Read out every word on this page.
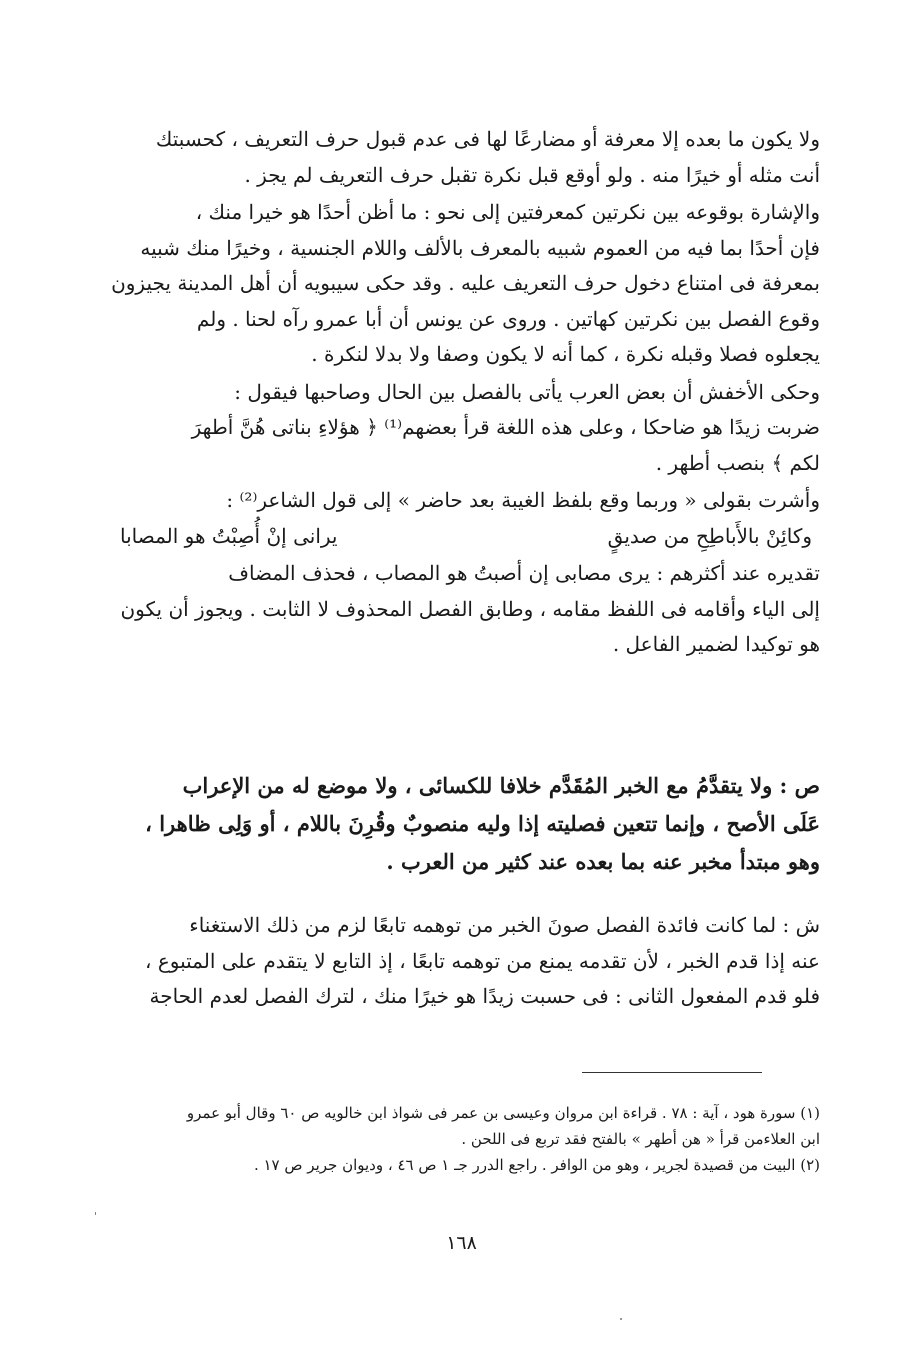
ولا يكون ما بعده إلا معرفة أو مضارعًا لها فى عدم قبول حرف التعريف ، كحسبتك
أنت مثله أو خيرًا منه . ولو أوقع قبل نكرة تقبل حرف التعريف لم يجز .
والإشارة بوقوعه بين نكرتين كمعرفتين إلى نحو : ما أظن أحدًا هو خيرا منك ،
فإن أحدًا بما فيه من العموم شبيه بالمعرف بالألف واللام الجنسية ، وخيرًا منك شبيه
بمعرفة فى امتناع دخول حرف التعريف عليه . وقد حكى سيبويه أن أهل المدينة يجيزون
وقوع الفصل بين نكرتين كهاتين . وروى عن يونس أن أبا عمرو رآه لحنا . ولم
يجعلوه فصلا وقبله نكرة ، كما أنه لا يكون وصفا ولا بدلا لنكرة .
وحكى الأخفش أن بعض العرب يأتى بالفصل بين الحال وصاحبها فيقول :
ضربت زيدًا هو ضاحكا ، وعلى هذه اللغة قرأ بعضهم⁽¹⁾ ﴿ هؤلاءِ بناتى هُنَّ أطهرَ
لكم ﴾ بنصب أطهر .
وأشرت بقولى « وربما وقع بلفظ الغيبة بعد حاضر » إلى قول الشاعر⁽²⁾ :
وكائِنْ بالأَباطِحِ من صديقٍ
يرانى إنْ أُصِبْتُ هو المصابا
تقديره عند أكثرهم : يرى مصابى إن أصبتُ هو المصاب ، فحذف المضاف
إلى الياء وأقامه فى اللفظ مقامه ، وطابق الفصل المحذوف لا الثابت . ويجوز أن يكون
هو توكيدا لضمير الفاعل .
ص : ولا يتقدَّمُ مع الخبر المُقَدَّم خلافا للكسائى ، ولا موضع له من الإعراب
عَلَى الأصح ، وإنما تتعين فصليته إذا وليه منصوبٌ وقُرِنَ باللام ، أو وَلِى ظاهرا ،
وهو مبتدأ مخبر عنه بما بعده عند كثير من العرب .
ش : لما كانت فائدة الفصل صونَ الخبر من توهمه تابعًا لزم من ذلك الاستغناء
عنه إذا قدم الخبر ، لأن تقدمه يمنع من توهمه تابعًا ، إذ التابع لا يتقدم على المتبوع ،
فلو قدم المفعول الثانى : فى حسبت زيدًا هو خيرًا منك ، لترك الفصل لعدم الحاجة
(١) سورة هود ، آية : ٧٨ . قراءة ابن مروان وعيسى بن عمر فى شواذ ابن خالويه ص ٦٠ وقال أبو عمرو
ابن العلاءمن قرأ « هن أطهر » بالفتح فقد تربع فى اللحن .
(٢) البيت من قصيدة لجرير ، وهو من الوافر . راجع الدرر جـ ١ ص ٤٦ ، وديوان جرير ص ١٧ .
١٦٨
